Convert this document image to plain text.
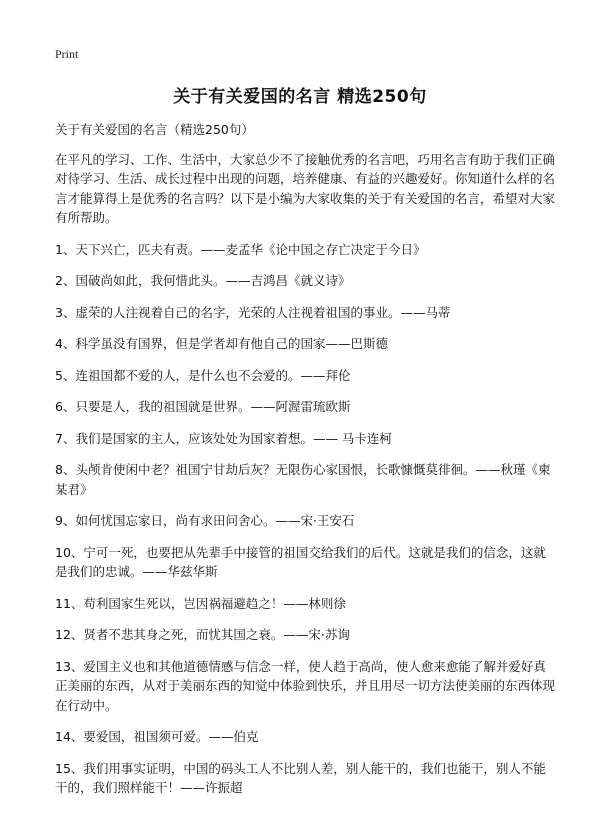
Print
关于有关爱国的名言 精选250句

关于有关爱国的名言（精选250句）

在平凡的学习、工作、生活中，大家总少不了接触优秀的名言吧，巧用名言有助于我们正确对待学习、生活、成长过程中出现的问题，培养健康、有益的兴趣爱好。你知道什么样的名言才能算得上是优秀的名言吗？以下是小编为大家收集的关于有关爱国的名言，希望对大家有所帮助。

1、天下兴亡，匹夫有责。——麦孟华《论中国之存亡决定于今日》

2、国破尚如此，我何惜此头。——吉鸿昌《就义诗》

3、虚荣的人注视着自己的名字，光荣的人注视着祖国的事业。——马蒂

4、科学虽没有国界，但是学者却有他自己的国家——巴斯德

5、连祖国都不爱的人，是什么也不会爱的。——拜伦

6、只要是人，我的祖国就是世界。——阿渥雷琉欧斯

7、我们是国家的主人，应该处处为国家着想。—— 马卡连柯

8、头颅肯使闲中老？祖国宁甘劫后灰？无限伤心家国恨，长歌慷慨莫徘徊。——秋瑾《柬某君》

9、如何忧国忘家日，尚有求田问舍心。——宋·王安石

10、宁可一死，也要把从先辈手中接管的祖国交给我们的后代。这就是我们的信念，这就是我们的忠诚。——华兹华斯

11、苟利国家生死以，岂因祸福避趋之！——林则徐

12、贤者不悲其身之死，而忧其国之衰。——宋·苏询

13、爱国主义也和其他道德情感与信念一样，使人趋于高尚，使人愈来愈能了解并爱好真正美丽的东西，从对于美丽东西的知觉中体验到快乐，并且用尽一切方法使美丽的东西体现在行动中。

14、要爱国，祖国须可爱。——伯克

15、我们用事实证明，中国的码头工人不比别人差，别人能干的，我们也能干，别人不能干的，我们照样能干！——许振超
